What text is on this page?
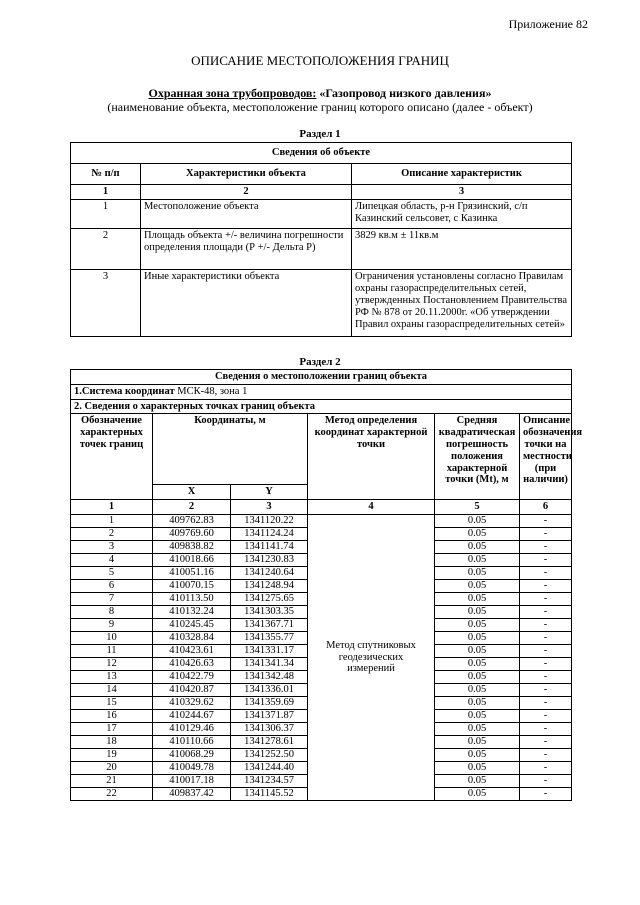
Приложение 82
ОПИСАНИЕ МЕСТОПОЛОЖЕНИЯ ГРАНИЦ
Охранная зона трубопроводов: «Газопровод низкого давления»
(наименование объекта, местоположение границ которого описано (далее - объект)
Раздел 1
Сведения об объекте		
№ п/п	Характеристики объекта	Описание характеристик
1	2	3
1	Местоположение объекта	Липецкая область, р-н Грязинский, с/п Казинский сельсовет, с Казинка
2	Площадь объекта +/- величина погрешности определения площади (Р +/- Дельта Р)	3829 кв.м ± 11кв.м
3	Иные характеристики объекта	Ограничения установлены согласно Правилам охраны газораспределительных сетей, утвержденных Постановлением Правительства РФ № 878 от 20.11.2000г. «Об утверждении Правил охраны газораспределительных сетей»
Раздел 2
Сведения о местоположении границ объекта					
1.Система координат МСК-48, зона 1					
2. Сведения о характерных точках границ объекта					
Обозначение характерных точек границ	Координаты, м		Метод определения координат характерной точки	Средняя квадратическая погрешность положения характерной точки (Mt), м	Описание обозначения точки на местности (при наличии)
	X	Y			
1	2	3	4	5	6
1	409762.83	1341120.22	Метод спутниковых геодезических измерений	0.05	-
2	409769.60	1341124.24		0.05	-
3	409838.82	1341141.74		0.05	-
4	410018.66	1341230.83		0.05	-
5	410051.16	1341240.64		0.05	-
6	410070.15	1341248.94		0.05	-
7	410113.50	1341275.65		0.05	-
8	410132.24	1341303.35		0.05	-
9	410245.45	1341367.71		0.05	-
10	410328.84	1341355.77		0.05	-
11	410423.61	1341331.17		0.05	-
12	410426.63	1341341.34		0.05	-
13	410422.79	1341342.48		0.05	-
14	410420.87	1341336.01		0.05	-
15	410329.62	1341359.69		0.05	-
16	410244.67	1341371.87		0.05	-
17	410129.46	1341306.37		0.05	-
18	410110.66	1341278.61		0.05	-
19	410068.29	1341252.50		0.05	-
20	410049.78	1341244.40		0.05	-
21	410017.18	1341234.57		0.05	-
22	409837.42	1341145.52		0.05	-
